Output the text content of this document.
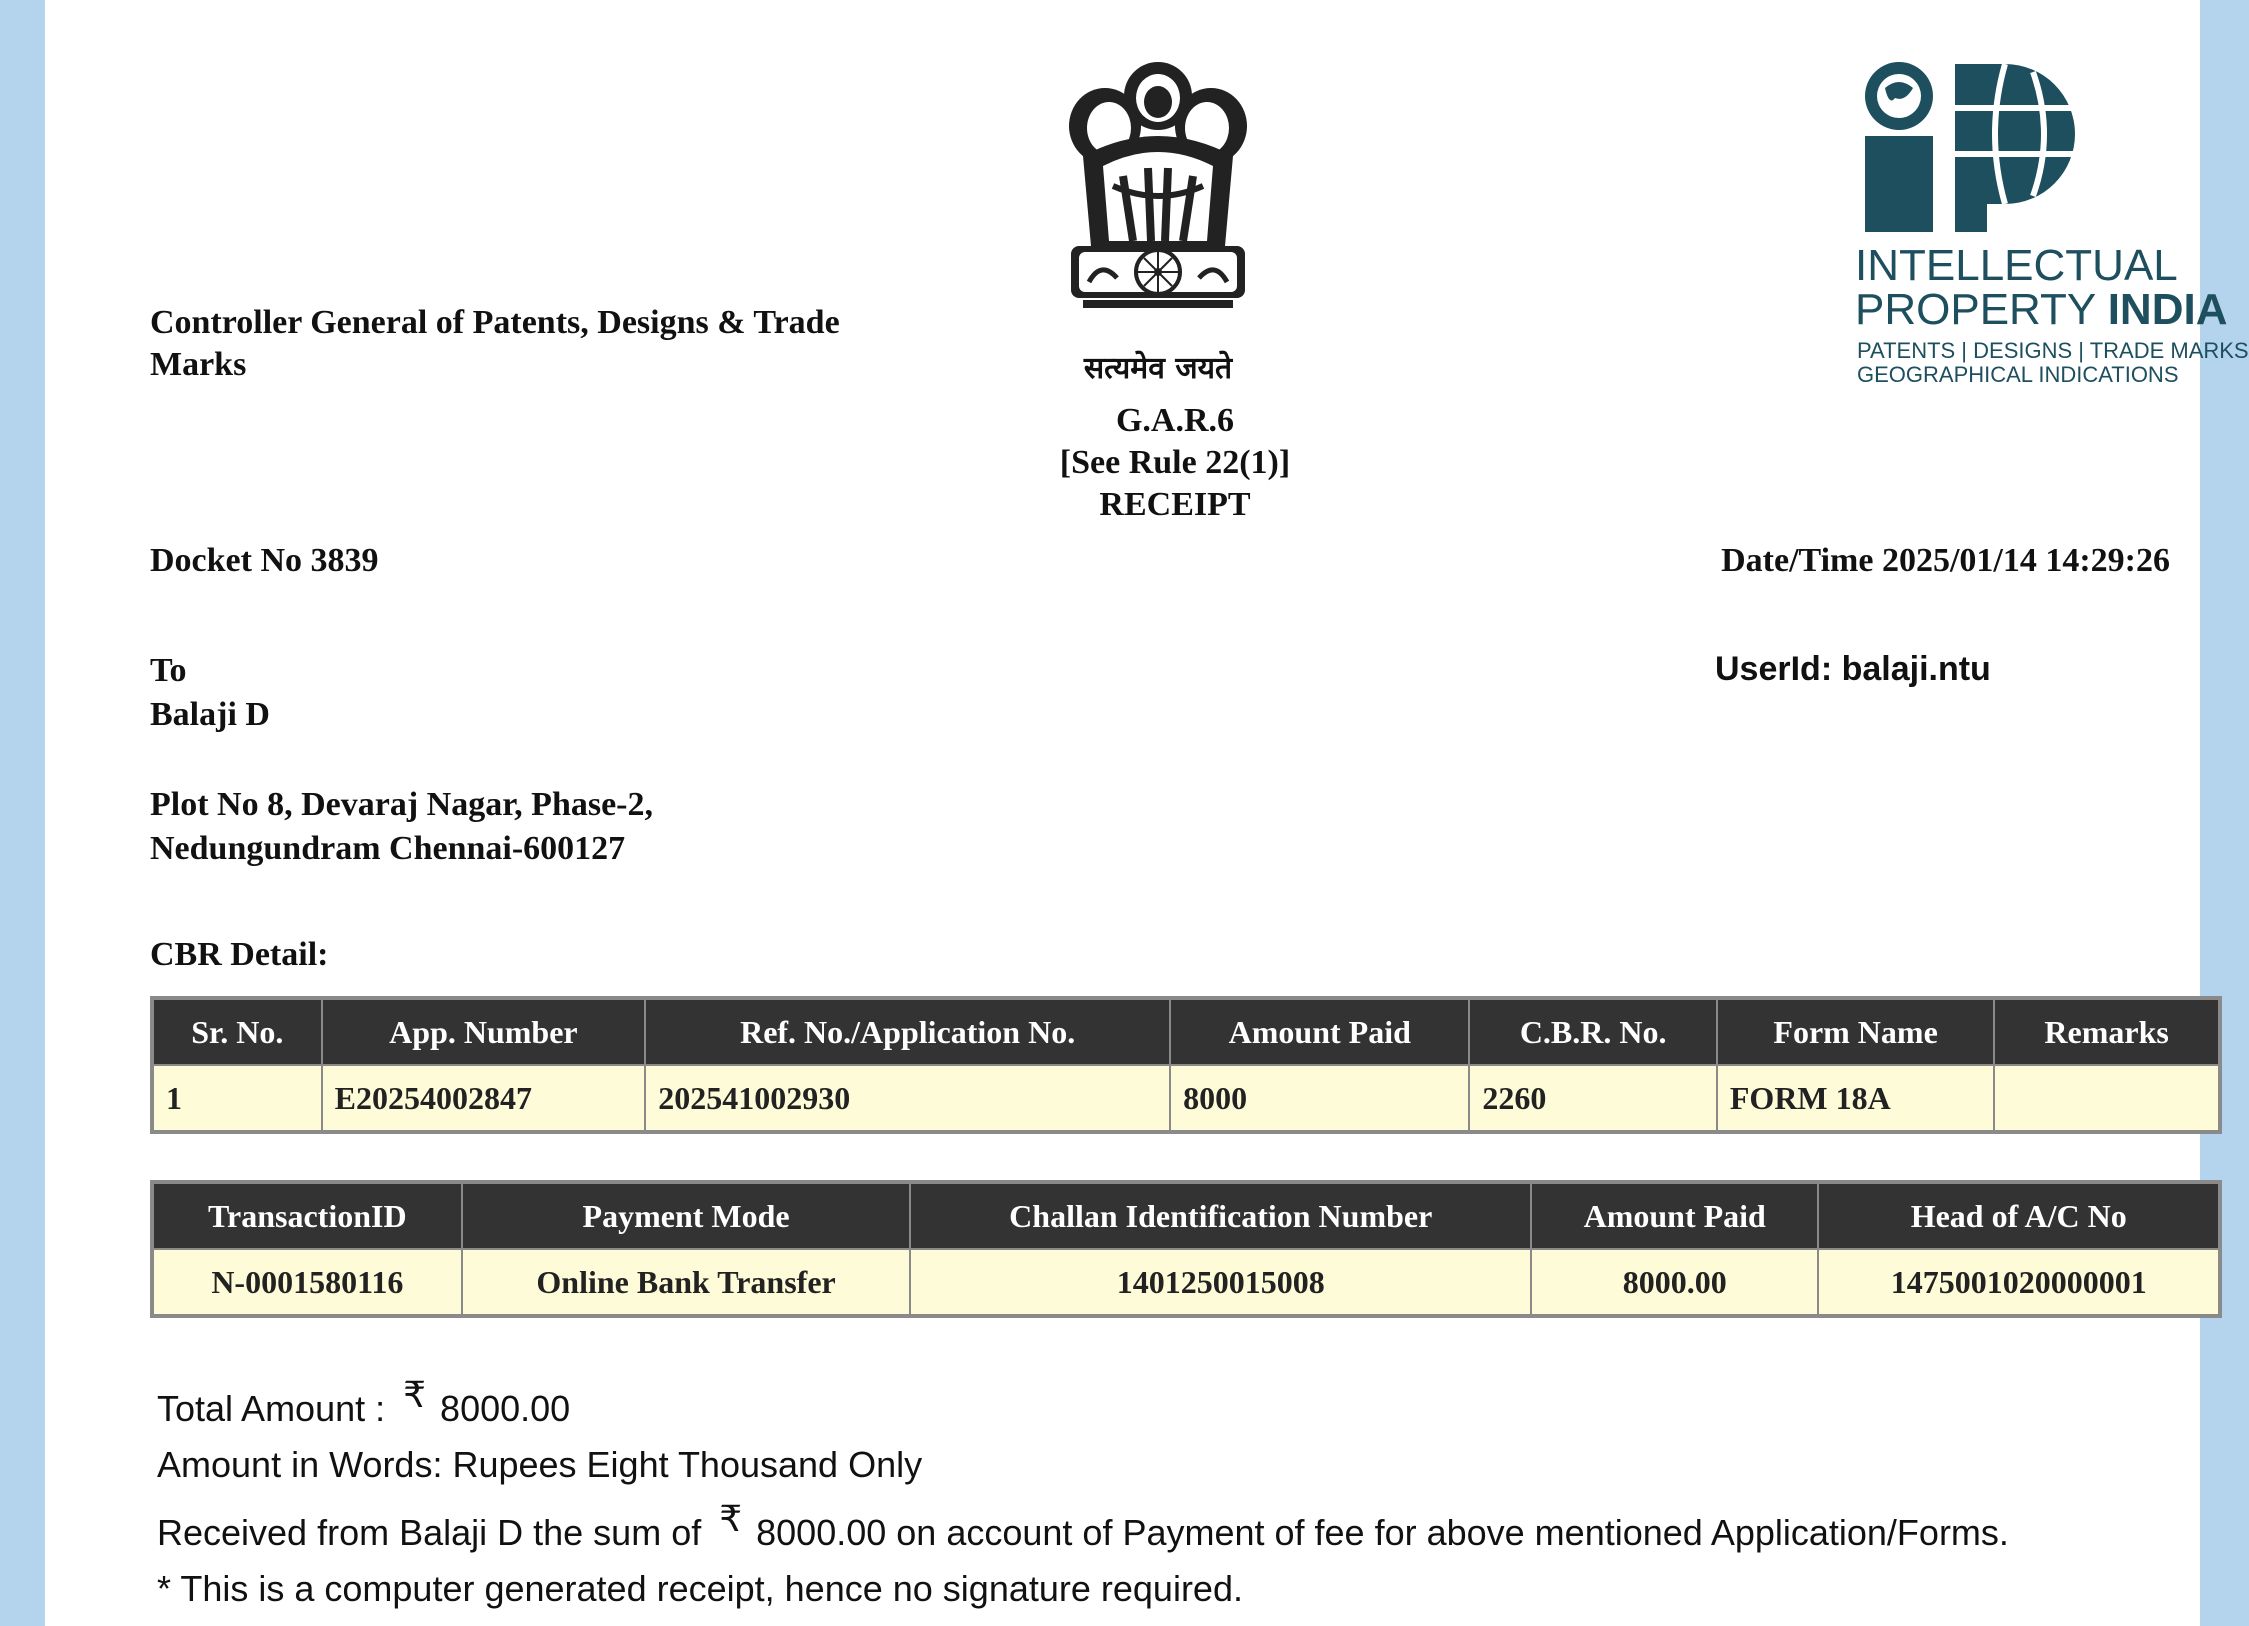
Controller General of Patents, Designs & Trade Marks	सत्यमेव जयते
G.A.R.6
[See Rule 22(1)]
RECEIPT
INTELLECTUAL
PROPERTY INDIA
PATENTS | DESIGNS | TRADE MARKS
GEOGRAPHICAL INDICATIONS
Docket No 3839	Date/Time 2025/01/14 14:29:26
To
Balaji D
Plot No 8, Devaraj Nagar, Phase-2,
Nedungundram Chennai-600127
UserId: balaji.ntu
CBR Detail:
Sr. No.	App. Number	Ref. No./Application No.	Amount Paid	C.B.R. No.	Form Name	Remarks
1	E20254002847	202541002930	8000	2260	FORM 18A	
TransactionID	Payment Mode	Challan Identification Number	Amount Paid	Head of A/C No
N-0001580116	Online Bank Transfer	1401250015008	8000.00	1475001020000001
Total Amount : ₹ 8000.00
Amount in Words: Rupees Eight Thousand Only
Received from Balaji D the sum of ₹ 8000.00 on account of Payment of fee for above mentioned Application/Forms.
* This is a computer generated receipt, hence no signature required.
